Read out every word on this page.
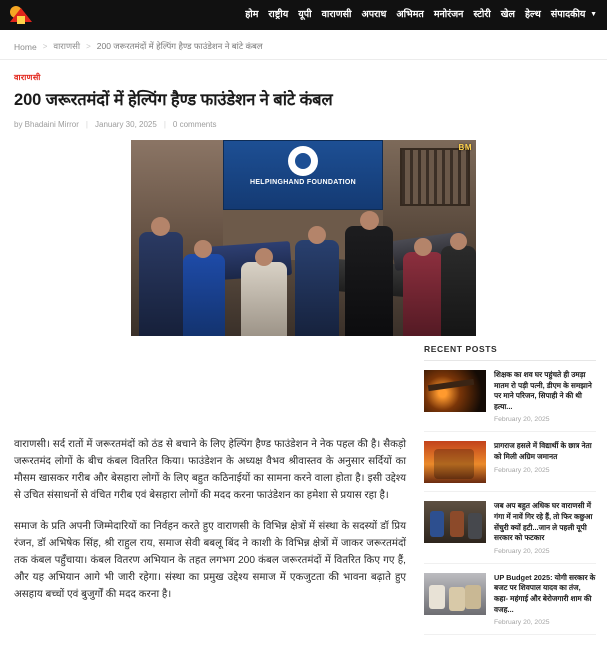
होम राष्ट्रीय यूपी वाराणसी अपराध अभिमत मनोरंजन स्टोरी खेल हेल्थ संपादकीय ▼
Home > वाराणसी > 200 जरूरतमंदों में हेल्पिंग हैण्ड फाउंडेशन ने बांटे कंबल
वाराणसी
200 जरूरतमंदों में हेल्पिंग हैण्ड फाउंडेशन ने बांटे कंबल
by Bhadaini Mirror | January 30, 2025 | 0 comments
HELPINGHAND FOUNDATION
BM
RECENT POSTS
शिक्षक का शव घर पहुंचते ही उमड़ा मातम रो पड़ी पत्नी, डीएम के समझाने पर माने परिजन, सिपाही ने की थी हत्या...
February 20, 2025
प्रागराज हसले में विद्यार्थी के छात्र नेता को मिली अग्रिम जमानत
February 20, 2025
जब अप बहुत अधिक घर वाराणसी में गंगा में नावें गिर रहे हैं, तो फिर कछुआ सेंचुरी क्यों हटी...जान ले पहली यूपी सरकार को फटकार
February 20, 2025
UP Budget 2025: योगी सरकार के बजट पर शिवपाल यादव का तंज, कहा- महंगाई और बेरोजगारी शाम की वजह...
February 20, 2025

वाराणसी। सर्द रातों में जरूरतमंदों को ठंड से बचाने के लिए हेल्पिंग हैण्ड फाउंडेशन ने नेक पहल की है। सैकड़ो जरूरतमंद लोगों के बीच कंबल वितरित किया। फाउंडेशन के अध्यक्ष वैभव श्रीवास्तव के अनुसार सर्दियों का मौसम खासकर गरीब और बेसहारा लोगों के लिए बहुत कठिनाईयों का सामना करने वाला होता है। इसी उद्देश्य से उचित संसाधनों से वंचित गरीब एवं बेसहारा लोगों की मदद करना फाउंडेशन का हमेशा से प्रयास रहा है।

समाज के प्रति अपनी जिम्मेदारियों का निर्वहन करते हुए वाराणसी के विभिन्न क्षेत्रों में संस्था के सदस्यों डॉ प्रिय रंजन, डॉ अभिषेक सिंह, श्री राहुल राय, समाज सेवी बबलू बिंद ने काशी के विभिन्न क्षेत्रों में जाकर जरूरतमंदों तक कंबल पहुँचाया। कंबल वितरण अभियान के तहत लगभग 200 कंबल जरूरतमंदों में वितरित किए गए हैं, और यह अभियान आगे भी जारी रहेगा। संस्था का प्रमुख उद्देश्य समाज में एकजुटता की भावना बढ़ाते हुए असहाय बच्चों एवं बुजुर्गों की मदद करना है।
